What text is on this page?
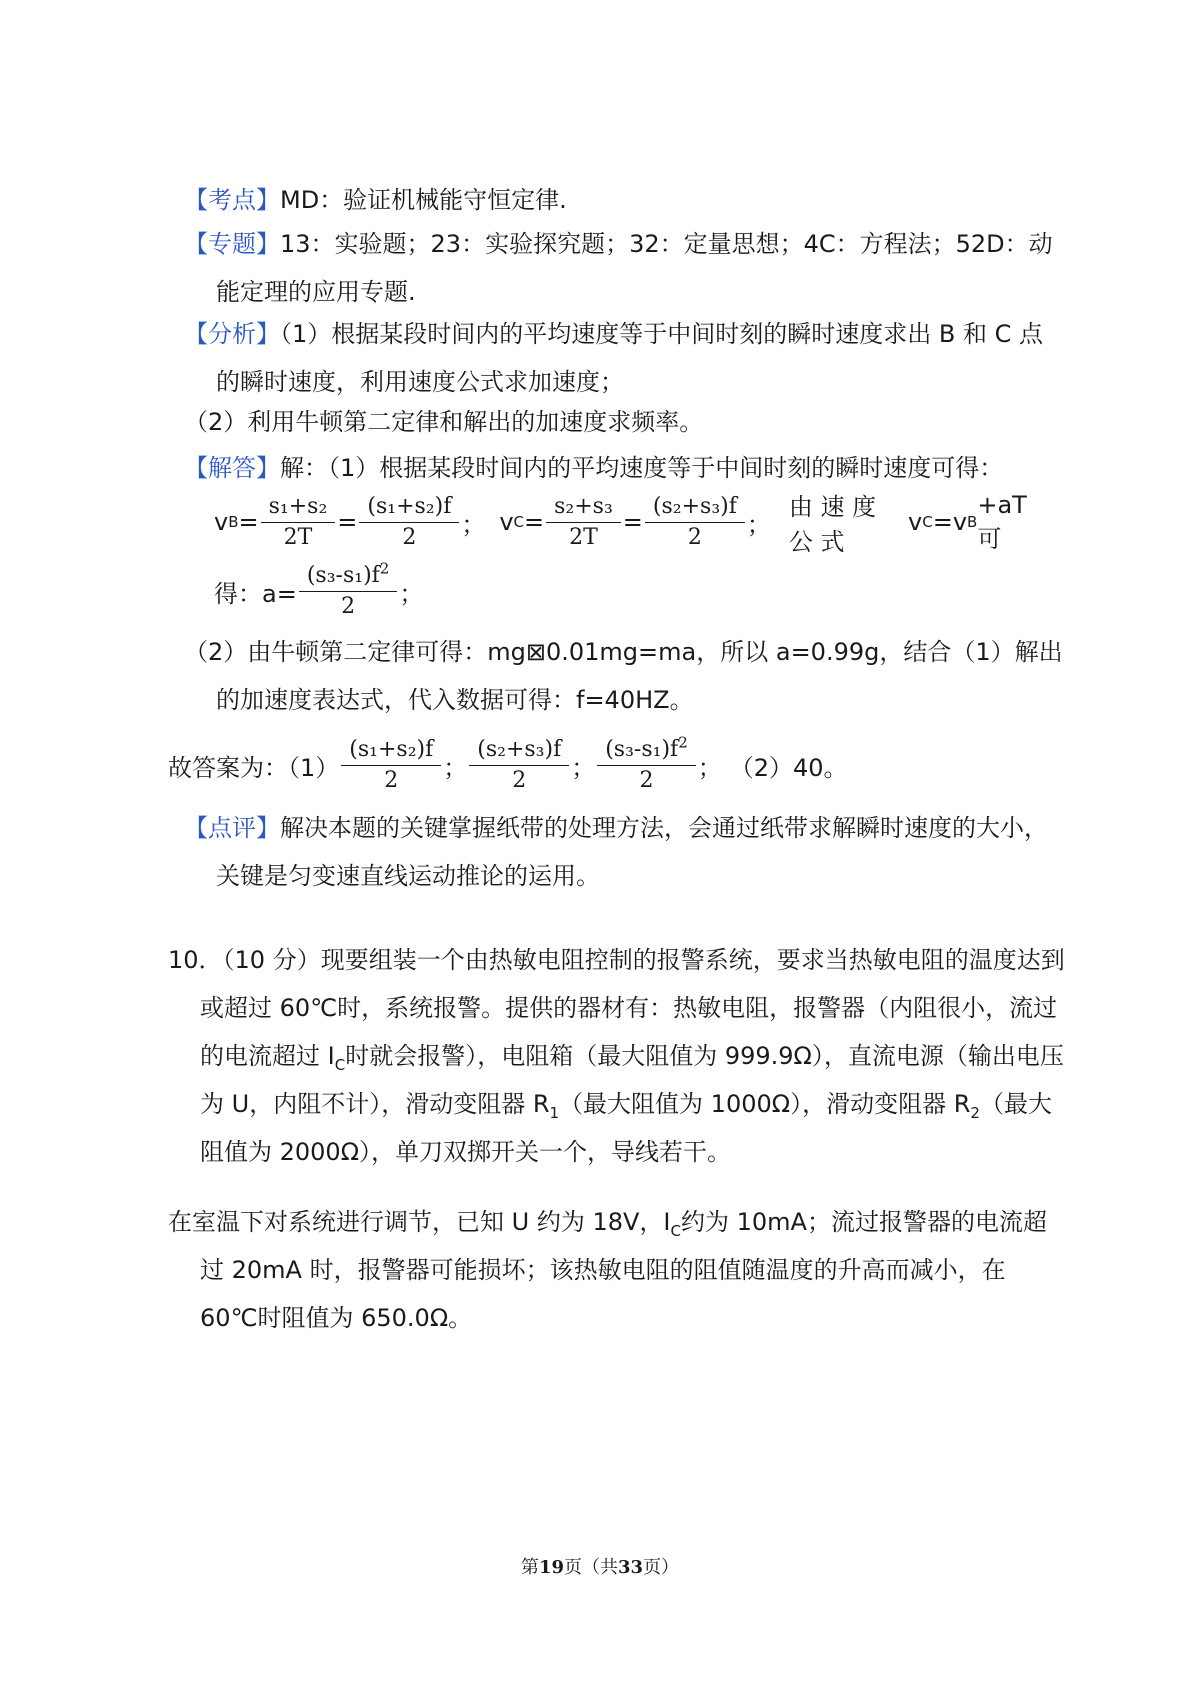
【考点】MD：验证机械能守恒定律.
【专题】13：实验题；23：实验探究题；32：定量思想；4C：方程法；52D：动能定理的应用专题.
【分析】（1）根据某段时间内的平均速度等于中间时刻的瞬时速度求出 B 和 C 点的瞬时速度，利用速度公式求加速度；
（2）利用牛顿第二定律和解出的加速度求频率。
【解答】解：（1）根据某段时间内的平均速度等于中间时刻的瞬时速度可得：
v $B = \frac{\text{s₁+s₂}}{2T} = \frac{\text{(s₁+s₂)f}}{2}$ ； v $C = \frac{\text{s₂+s₃}}{2T} = \frac{\text{(s₂+s₃)f}}{2}$ ；
由 速 度 公 式
v C =v B
+aT 可
得：$a= \frac{(s_3-s_1)f^2}{2}$ ；
（2）由牛顿第二定律可得：mg⊠0.01mg=ma，所以 a=0.99g，结合（1）解出的加速度表达式，代入数据可得：f=40HZ。
故答案为：$(1) \frac{\text{(s₁+s₂)f}}{2}$ ； $\frac{\text{(s₂+s₃)f}}{2}$ ； $\frac{(s_3-s_1)f^2}{2}$ ； （2）40。
【点评】解决本题的关键掌握纸带的处理方法，会通过纸带求解瞬时速度的大小，关键是匀变速直线运动推论的运用。
10．（10 分）现要组装一个由热敏电阻控制的报警系统，要求当热敏电阻的温度达到或超过 60℃时，系统报警。提供的器材有：热敏电阻，报警器（内阻很小，流过的电流超过 $I_C$时就会报警），电阻箱（最大阻值为 999.9Ω），直流电源（输出电压为 U，内阻不计），滑动变阻器 $R_1$（最大阻值为 1000Ω），滑动变阻器 $R_2$（最大阻值为 2000Ω），单刀双掷开关一个，导线若干。
在室温下对系统进行调节，已知 U 约为 18V，$I_C$约为 10mA；流过报警器的电流超过 20mA 时，报警器可能损坏；该热敏电阻的阻值随温度的升高而减小，在 60℃时阻值为 650.0Ω。
第19页（共33页）
